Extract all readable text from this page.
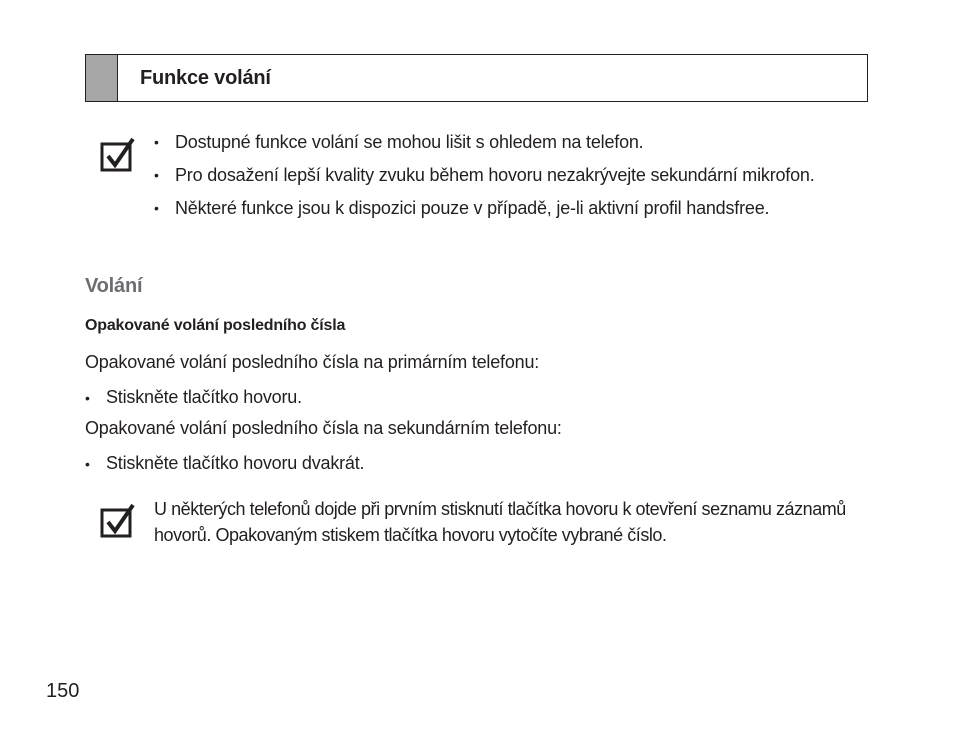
Funkce volání
• Dostupné funkce volání se mohou lišit s ohledem na telefon.
• Pro dosažení lepší kvality zvuku během hovoru nezakrývejte sekundární mikrofon.
• Některé funkce jsou k dispozici pouze v případě, je-li aktivní profil handsfree.
Volání
Opakované volání posledního čísla
Opakované volání posledního čísla na primárním telefonu:
• Stiskněte tlačítko hovoru.
Opakované volání posledního čísla na sekundárním telefonu:
• Stiskněte tlačítko hovoru dvakrát.
U některých telefonů dojde při prvním stisknutí tlačítka hovoru k otevření seznamu záznamů hovorů. Opakovaným stiskem tlačítka hovoru vytočíte vybrané číslo.
150
